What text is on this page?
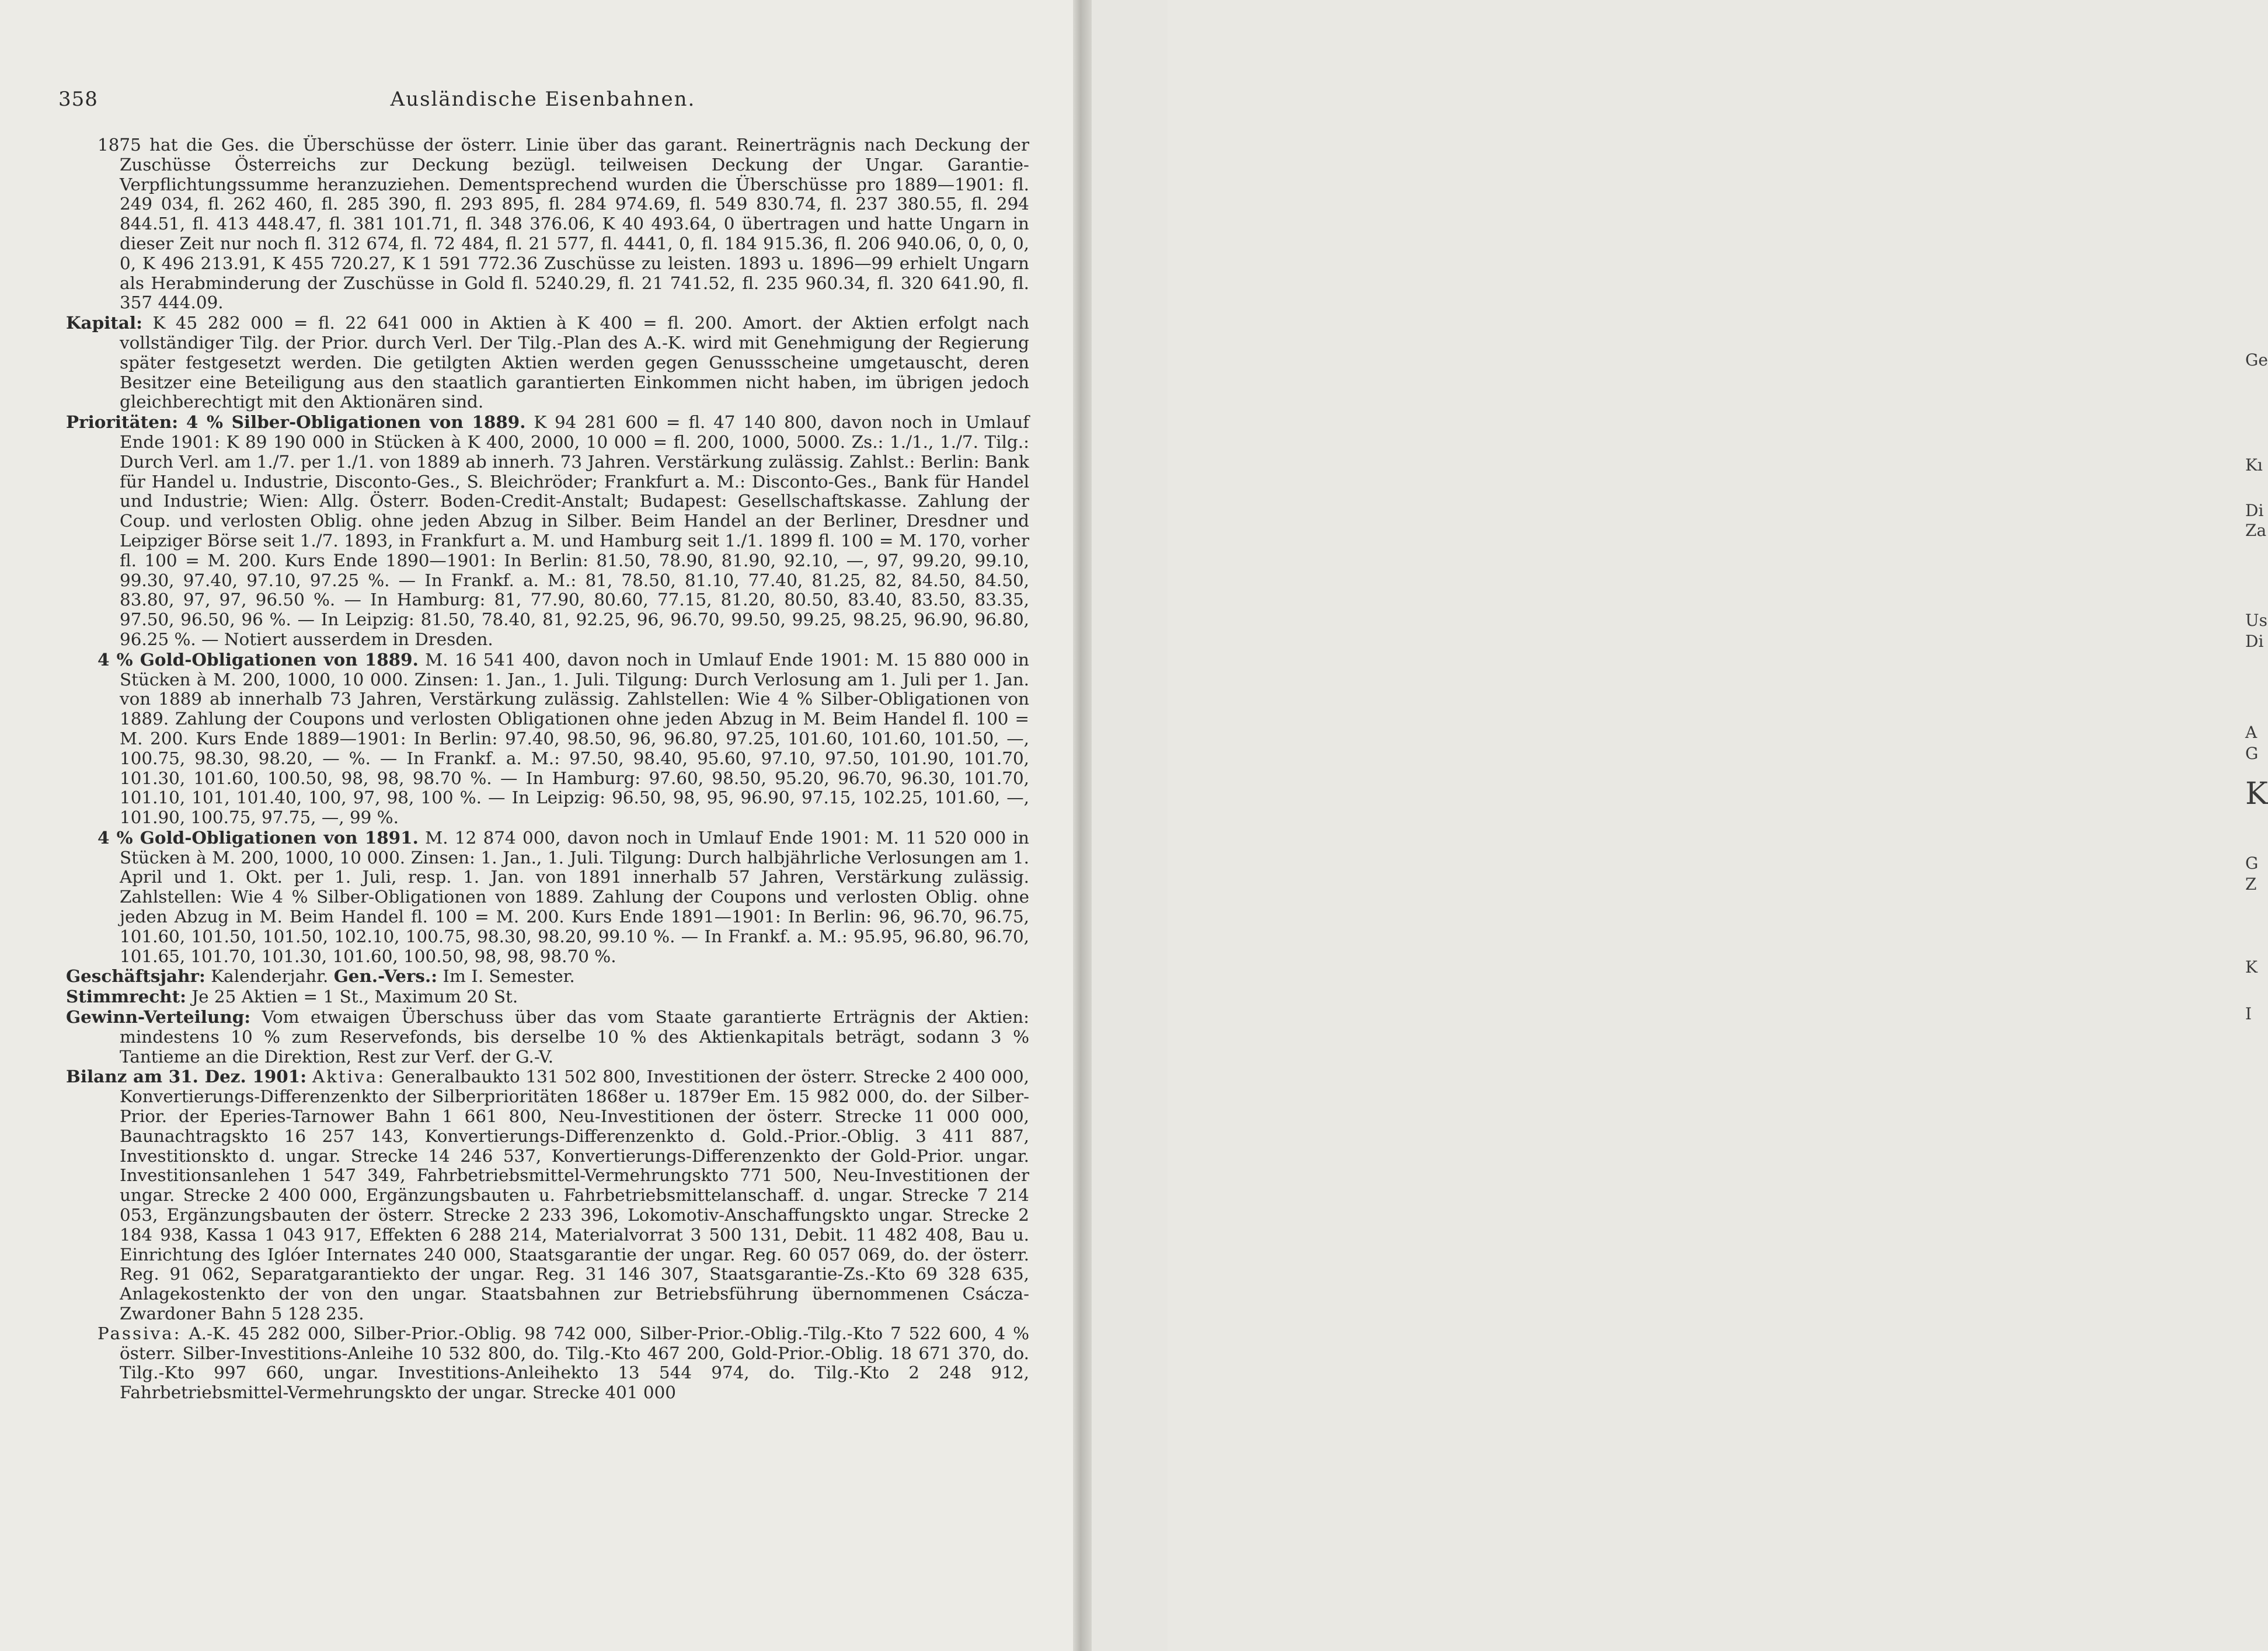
358	Ausländische Eisenbahnen.

1875 hat die Ges. die Überschüsse der österr. Linie über das garant. Reinerträgnis nach Deckung der Zuschüsse Österreichs zur Deckung bezügl. teilweisen Deckung der Ungar. Garantie-Verpflichtungssumme heranzuziehen. Dementsprechend wurden die Überschüsse pro 1889—1901: fl. 249 034, fl. 262 460, fl. 285 390, fl. 293 895, fl. 284 974.69, fl. 549 830.74, fl. 237 380.55, fl. 294 844.51, fl. 413 448.47, fl. 381 101.71, fl. 348 376.06, K 40 493.64, 0 übertragen und hatte Ungarn in dieser Zeit nur noch fl. 312 674, fl. 72 484, fl. 21 577, fl. 4441, 0, fl. 184 915.36, fl. 206 940.06, 0, 0, 0, 0, K 496 213.91, K 455 720.27, K 1 591 772.36 Zuschüsse zu leisten. 1893 u. 1896—99 erhielt Ungarn als Herabminderung der Zuschüsse in Gold fl. 5240.29, fl. 21 741.52, fl. 235 960.34, fl. 320 641.90, fl. 357 444.09.

Kapital: K 45 282 000 = fl. 22 641 000 in Aktien à K 400 = fl. 200. Amort. der Aktien erfolgt nach vollständiger Tilg. der Prior. durch Verl. Der Tilg.-Plan des A.-K. wird mit Genehmigung der Regierung später festgesetzt werden. Die getilgten Aktien werden gegen Genussscheine umgetauscht, deren Besitzer eine Beteiligung aus den staatlich garantierten Einkommen nicht haben, im übrigen jedoch gleichberechtigt mit den Aktionären sind.

Prioritäten: 4 % Silber-Obligationen von 1889. K 94 281 600 = fl. 47 140 800, davon noch in Umlauf Ende 1901: K 89 190 000 in Stücken à K 400, 2000, 10 000 = fl. 200, 1000, 5000. Zs.: 1./1., 1./7. Tilg.: Durch Verl. am 1./7. per 1./1. von 1889 ab innerh. 73 Jahren. Verstärkung zulässig. Zahlst.: Berlin: Bank für Handel u. Industrie, Disconto-Ges., S. Bleichröder; Frankfurt a. M.: Disconto-Ges., Bank für Handel und Industrie; Wien: Allg. Österr. Boden-Credit-Anstalt; Budapest: Gesellschaftskasse. Zahlung der Coup. und verlosten Oblig. ohne jeden Abzug in Silber. Beim Handel an der Berliner, Dresdner und Leipziger Börse seit 1./7. 1893, in Frankfurt a. M. und Hamburg seit 1./1. 1899 fl. 100 = M. 170, vorher fl. 100 = M. 200. Kurs Ende 1890—1901: In Berlin: 81.50, 78.90, 81.90, 92.10, —, 97, 99.20, 99.10, 99.30, 97.40, 97.10, 97.25 %. — In Frankf. a. M.: 81, 78.50, 81.10, 77.40, 81.25, 82, 84.50, 84.50, 83.80, 97, 97, 96.50 %. — In Hamburg: 81, 77.90, 80.60, 77.15, 81.20, 80.50, 83.40, 83.50, 83.35, 97.50, 96.50, 96 %. — In Leipzig: 81.50, 78.40, 81, 92.25, 96, 96.70, 99.50, 99.25, 98.25, 96.90, 96.80, 96.25 %. — Notiert ausserdem in Dresden.

4 % Gold-Obligationen von 1889. M. 16 541 400, davon noch in Umlauf Ende 1901: M. 15 880 000 in Stücken à M. 200, 1000, 10 000. Zinsen: 1. Jan., 1. Juli. Tilgung: Durch Verlosung am 1. Juli per 1. Jan. von 1889 ab innerhalb 73 Jahren, Verstärkung zulässig. Zahlstellen: Wie 4 % Silber-Obligationen von 1889. Zahlung der Coupons und verlosten Obligationen ohne jeden Abzug in M. Beim Handel fl. 100 = M. 200. Kurs Ende 1889—1901: In Berlin: 97.40, 98.50, 96, 96.80, 97.25, 101.60, 101.60, 101.50, —, 100.75, 98.30, 98.20, — %. — In Frankf. a. M.: 97.50, 98.40, 95.60, 97.10, 97.50, 101.90, 101.70, 101.30, 101.60, 100.50, 98, 98, 98.70 %. — In Hamburg: 97.60, 98.50, 95.20, 96.70, 96.30, 101.70, 101.10, 101, 101.40, 100, 97, 98, 100 %. — In Leipzig: 96.50, 98, 95, 96.90, 97.15, 102.25, 101.60, —, 101.90, 100.75, 97.75, —, 99 %.

4 % Gold-Obligationen von 1891. M. 12 874 000, davon noch in Umlauf Ende 1901: M. 11 520 000 in Stücken à M. 200, 1000, 10 000. Zinsen: 1. Jan., 1. Juli. Tilgung: Durch halbjährliche Verlosungen am 1. April und 1. Okt. per 1. Juli, resp. 1. Jan. von 1891 innerhalb 57 Jahren, Verstärkung zulässig. Zahlstellen: Wie 4 % Silber-Obligationen von 1889. Zahlung der Coupons und verlosten Oblig. ohne jeden Abzug in M. Beim Handel fl. 100 = M. 200. Kurs Ende 1891—1901: In Berlin: 96, 96.70, 96.75, 101.60, 101.50, 101.50, 102.10, 100.75, 98.30, 98.20, 99.10 %. — In Frankf. a. M.: 95.95, 96.80, 96.70, 101.65, 101.70, 101.30, 101.60, 100.50, 98, 98, 98.70 %.

Geschäftsjahr: Kalenderjahr. Gen.-Vers.: Im I. Semester.

Stimmrecht: Je 25 Aktien = 1 St., Maximum 20 St.

Gewinn-Verteilung: Vom etwaigen Überschuss über das vom Staate garantierte Erträgnis der Aktien: mindestens 10 % zum Reservefonds, bis derselbe 10 % des Aktienkapitals beträgt, sodann 3 % Tantieme an die Direktion, Rest zur Verf. der G.-V.

Bilanz am 31. Dez. 1901: Aktiva: Generalbaukto 131 502 800, Investitionen der österr. Strecke 2 400 000, Konvertierungs-Differenzenkto der Silberprioritäten 1868er u. 1879er Em. 15 982 000, do. der Silber-Prior. der Eperies-Tarnower Bahn 1 661 800, Neu-Investitionen der österr. Strecke 11 000 000, Baunachtragskto 16 257 143, Konvertierungs-Differenzenkto d. Gold.-Prior.-Oblig. 3 411 887, Investitionskto d. ungar. Strecke 14 246 537, Konvertierungs-Differenzenkto der Gold-Prior. ungar. Investitionsanlehen 1 547 349, Fahrbetriebsmittel-Vermehrungskto 771 500, Neu-Investitionen der ungar. Strecke 2 400 000, Ergänzungsbauten u. Fahrbetriebsmittelanschaff. d. ungar. Strecke 7 214 053, Ergänzungsbauten der österr. Strecke 2 233 396, Lokomotiv-Anschaffungskto ungar. Strecke 2 184 938, Kassa 1 043 917, Effekten 6 288 214, Materialvorrat 3 500 131, Debit. 11 482 408, Bau u. Einrichtung des Iglóer Internates 240 000, Staatsgarantie der ungar. Reg. 60 057 069, do. der österr. Reg. 91 062, Separatgarantiekto der ungar. Reg. 31 146 307, Staatsgarantie-Zs.-Kto 69 328 635, Anlagekostenkto der von den ungar. Staatsbahnen zur Betriebsführung übernommenen Csácza-Zwardoner Bahn 5 128 235.

Passiva: A.-K. 45 282 000, Silber-Prior.-Oblig. 98 742 000, Silber-Prior.-Oblig.-Tilg.-Kto 7 522 600, 4 % österr. Silber-Investitions-Anleihe 10 532 800, do. Tilg.-Kto 467 200, Gold-Prior.-Oblig. 18 671 370, do. Tilg.-Kto 997 660, ungar. Investitions-Anleihekto 13 544 974, do. Tilg.-Kto 2 248 912, Fahrbetriebsmittel-Vermehrungskto der ungar. Strecke 401 000

Ge
Kı
Di
Za
Us
Di
A
G
K
G
Z
K
I
